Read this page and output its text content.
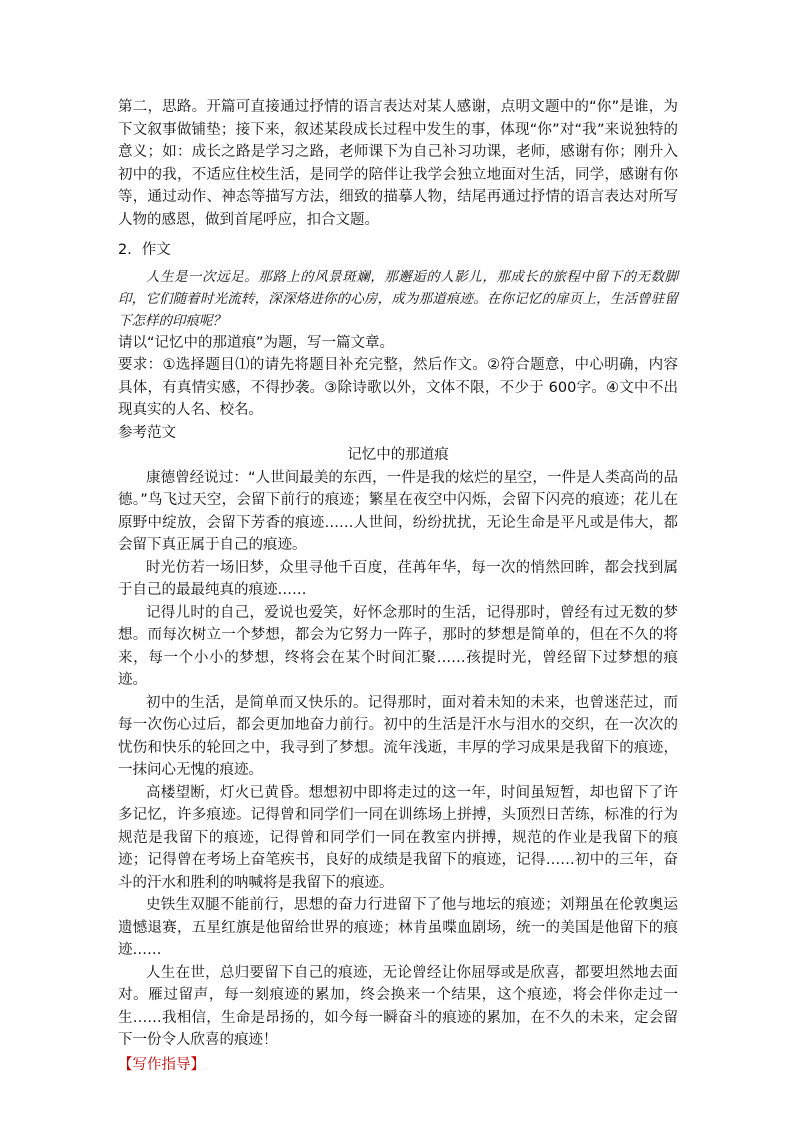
第二，思路。开篇可直接通过抒情的语言表达对某人感谢，点明文题中的“你”是谁，为下文叙事做铺垫；接下来，叙述某段成长过程中发生的事，体现“你”对“我”来说独特的意义；如：成长之路是学习之路，老师课下为自己补习功课，老师，感谢有你；刚升入初中的我，不适应住校生活，是同学的陪伴让我学会独立地面对生活，同学，感谢有你等，通过动作、神态等描写方法，细致的描摹人物，结尾再通过抒情的语言表达对所写人物的感恩，做到首尾呼应，扣合文题。

2．作文

人生是一次远足。那路上的风景斑斓，那邂逅的人影儿，那成长的旅程中留下的无数脚印，它们随着时光流转，深深烙进你的心房，成为那道痕迹。在你记忆的扉页上，生活曾驻留下怎样的印痕呢？

请以“记忆中的那道痕”为题，写一篇文章。

要求：①选择题目⑴的请先将题目补充完整，然后作文。②符合题意，中心明确，内容具体，有真情实感，不得抄袭。③除诗歌以外，文体不限，不少于 600字。④文中不出现真实的人名、校名。

参考范文

记忆中的那道痕

康德曾经说过：“人世间最美的东西，一件是我的炫烂的星空，一件是人类高尚的品德。”鸟飞过天空，会留下前行的痕迹；繁星在夜空中闪烁，会留下闪亮的痕迹；花儿在原野中绽放，会留下芳香的痕迹……人世间，纷纷扰扰，无论生命是平凡或是伟大，都会留下真正属于自己的痕迹。

时光仿若一场旧梦，众里寻他千百度，荏苒年华，每一次的悄然回眸，都会找到属于自己的最最纯真的痕迹……

记得儿时的自己，爱说也爱笑，好怀念那时的生活，记得那时，曾经有过无数的梦想。而每次树立一个梦想，都会为它努力一阵子，那时的梦想是简单的，但在不久的将来，每一个小小的梦想，终将会在某个时间汇聚……孩提时光，曾经留下过梦想的痕迹。

初中的生活，是简单而又快乐的。记得那时，面对着未知的未来，也曾迷茫过，而每一次伤心过后，都会更加地奋力前行。初中的生活是汗水与泪水的交织，在一次次的忧伤和快乐的轮回之中，我寻到了梦想。流年浅逝，丰厚的学习成果是我留下的痕迹，一抹问心无愧的痕迹。

高楼望断，灯火已黄昏。想想初中即将走过的这一年，时间虽短暂，却也留下了许多记忆，许多痕迹。记得曾和同学们一同在训练场上拼搏，头顶烈日苦练，标准的行为规范是我留下的痕迹，记得曾和同学们一同在教室内拼搏，规范的作业是我留下的痕迹；记得曾在考场上奋笔疾书，良好的成绩是我留下的痕迹，记得……初中的三年，奋斗的汗水和胜利的呐喊将是我留下的痕迹。

史铁生双腿不能前行，思想的奋力行进留下了他与地坛的痕迹；刘翔虽在伦敦奥运遗憾退赛，五星红旗是他留给世界的痕迹；林肯虽喋血剧场，统一的美国是他留下的痕迹……

人生在世，总归要留下自己的痕迹，无论曾经让你屈辱或是欣喜，都要坦然地去面对。雁过留声，每一刻痕迹的累加，终会换来一个结果，这个痕迹，将会伴你走过一生……我相信，生命是昂扬的，如今每一瞬奋斗的痕迹的累加，在不久的未来，定会留下一份令人欣喜的痕迹！

【写作指导】
